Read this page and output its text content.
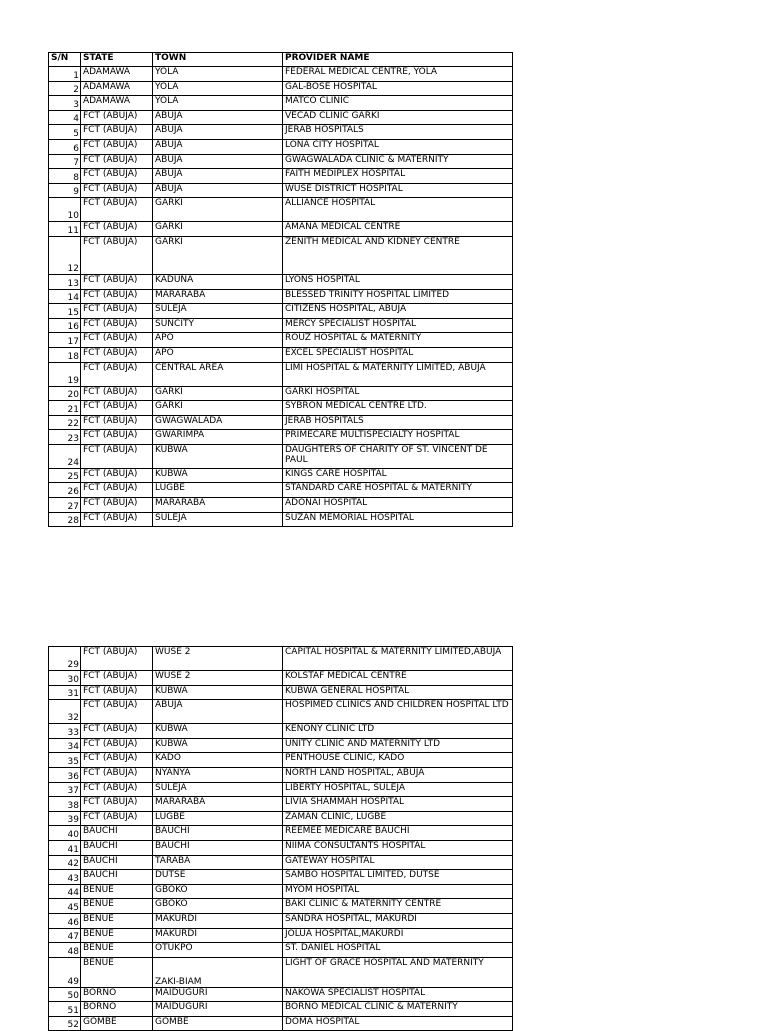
S/N	STATE	TOWN	PROVIDER NAME
1	ADAMAWA	YOLA	FEDERAL MEDICAL CENTRE, YOLA
2	ADAMAWA	YOLA	GAL-BOSE HOSPITAL
3	ADAMAWA	YOLA	MATCO CLINIC
4	FCT (ABUJA)	ABUJA	VECAD CLINIC GARKI
5	FCT (ABUJA)	ABUJA	JERAB HOSPITALS
6	FCT (ABUJA)	ABUJA	LONA CITY HOSPITAL
7	FCT (ABUJA)	ABUJA	GWAGWALADA CLINIC & MATERNITY
8	FCT (ABUJA)	ABUJA	FAITH MEDIPLEX HOSPITAL
9	FCT (ABUJA)	ABUJA	WUSE DISTRICT HOSPITAL
10	FCT (ABUJA)	GARKI	ALLIANCE HOSPITAL
11	FCT (ABUJA)	GARKI	AMANA MEDICAL CENTRE
12	FCT (ABUJA)	GARKI	ZENITH MEDICAL AND KIDNEY CENTRE
13	FCT (ABUJA)	KADUNA	LYONS HOSPITAL
14	FCT (ABUJA)	MARARABA	BLESSED TRINITY HOSPITAL LIMITED
15	FCT (ABUJA)	SULEJA	CITIZENS HOSPITAL, ABUJA
16	FCT (ABUJA)	SUNCITY	MERCY SPECIALIST HOSPITAL
17	FCT (ABUJA)	APO	ROUZ HOSPITAL & MATERNITY
18	FCT (ABUJA)	APO	EXCEL SPECIALIST HOSPITAL
19	FCT (ABUJA)	CENTRAL AREA	LIMI HOSPITAL & MATERNITY LIMITED, ABUJA
20	FCT (ABUJA)	GARKI	GARKI HOSPITAL
21	FCT (ABUJA)	GARKI	SYBRON MEDICAL CENTRE LTD.
22	FCT (ABUJA)	GWAGWALADA	JERAB HOSPITALS
23	FCT (ABUJA)	GWARIMPA	PRIMECARE MULTISPECIALTY HOSPITAL
24	FCT (ABUJA)	KUBWA	DAUGHTERS OF CHARITY OF ST. VINCENT DE PAUL
25	FCT (ABUJA)	KUBWA	KINGS CARE HOSPITAL
26	FCT (ABUJA)	LUGBE	STANDARD CARE HOSPITAL & MATERNITY
27	FCT (ABUJA)	MARARABA	ADONAI HOSPITAL
28	FCT (ABUJA)	SULEJA	SUZAN MEMORIAL HOSPITAL
29	FCT (ABUJA)	WUSE 2	CAPITAL HOSPITAL & MATERNITY LIMITED,ABUJA
30	FCT (ABUJA)	WUSE 2	KOLSTAF MEDICAL CENTRE
31	FCT (ABUJA)	KUBWA	KUBWA GENERAL HOSPITAL
32	FCT (ABUJA)	ABUJA	HOSPIMED CLINICS AND CHILDREN HOSPITAL LTD
33	FCT (ABUJA)	KUBWA	KENONY CLINIC LTD
34	FCT (ABUJA)	KUBWA	UNITY CLINIC AND MATERNITY LTD
35	FCT (ABUJA)	KADO	PENTHOUSE CLINIC, KADO
36	FCT (ABUJA)	NYANYA	NORTH LAND HOSPITAL, ABUJA
37	FCT (ABUJA)	SULEJA	LIBERTY HOSPITAL, SULEJA
38	FCT (ABUJA)	MARARABA	LIVIA SHAMMAH HOSPITAL
39	FCT (ABUJA)	LUGBE	ZAMAN CLINIC, LUGBE
40	BAUCHI	BAUCHI	REEMEE MEDICARE BAUCHI
41	BAUCHI	BAUCHI	NIIMA CONSULTANTS HOSPITAL
42	BAUCHI	TARABA	GATEWAY HOSPITAL
43	BAUCHI	DUTSE	SAMBO HOSPITAL LIMITED, DUTSE
44	BENUE	GBOKO	MYOM HOSPITAL
45	BENUE	GBOKO	BAKI CLINIC & MATERNITY CENTRE
46	BENUE	MAKURDI	SANDRA HOSPITAL, MAKURDI
47	BENUE	MAKURDI	JOLUA HOSPITAL,MAKURDI
48	BENUE	OTUKPO	ST. DANIEL HOSPITAL
49	BENUE	ZAKI-BIAM	LIGHT OF GRACE HOSPITAL AND MATERNITY
50	BORNO	MAIDUGURI	NAKOWA SPECIALIST HOSPITAL
51	BORNO	MAIDUGURI	BORNO MEDICAL CLINIC & MATERNITY
52	GOMBE	GOMBE	DOMA HOSPITAL
